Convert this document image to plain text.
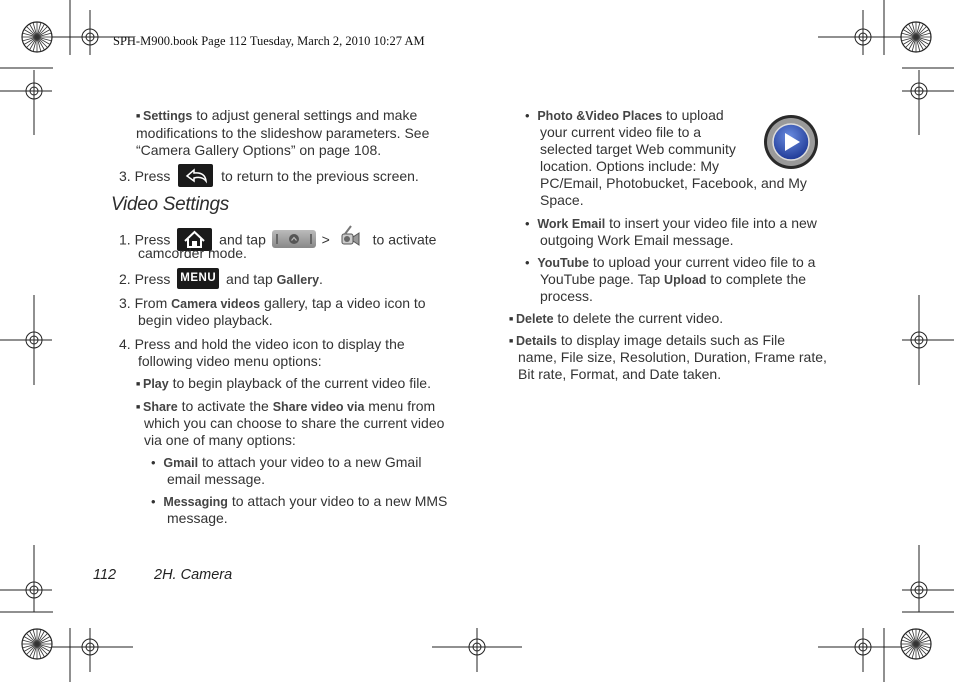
SPH-M900.book Page 112 Tuesday, March 2, 2010 10:27 AM
■ Settings to adjust general settings and make modifications to the slideshow parameters. See “Camera Gallery Options” on page 108.
3. Press	to return to the previous screen.
Video Settings
1. Press	and tap	>	to activate
camcorder mode.
2. Press MENU and tap Gallery.
3. From Camera videos gallery, tap a video icon to
begin video playback.
4. Press and hold the video icon to display the
following video menu options:
■ Play to begin playback of the current video file.
■ Share to activate the Share video via menu from
which you can choose to share the current video
via one of many options:
• Gmail to attach your video to a new Gmail
email message.
• Messaging to attach your video to a new MMS
message.
• Photo &Video Places to upload
your current video file to a
selected target Web community
location. Options include: My
PC/Email, Photobucket, Facebook, and My
Space.
• Work Email to insert your video file into a new
outgoing Work Email message.
• YouTube to upload your current video file to a
YouTube page. Tap Upload to complete the
process.
■ Delete to delete the current video.
■ Details to display image details such as File
name, File size, Resolution, Duration, Frame rate,
Bit rate, Format, and Date taken.
112	2H. Camera
